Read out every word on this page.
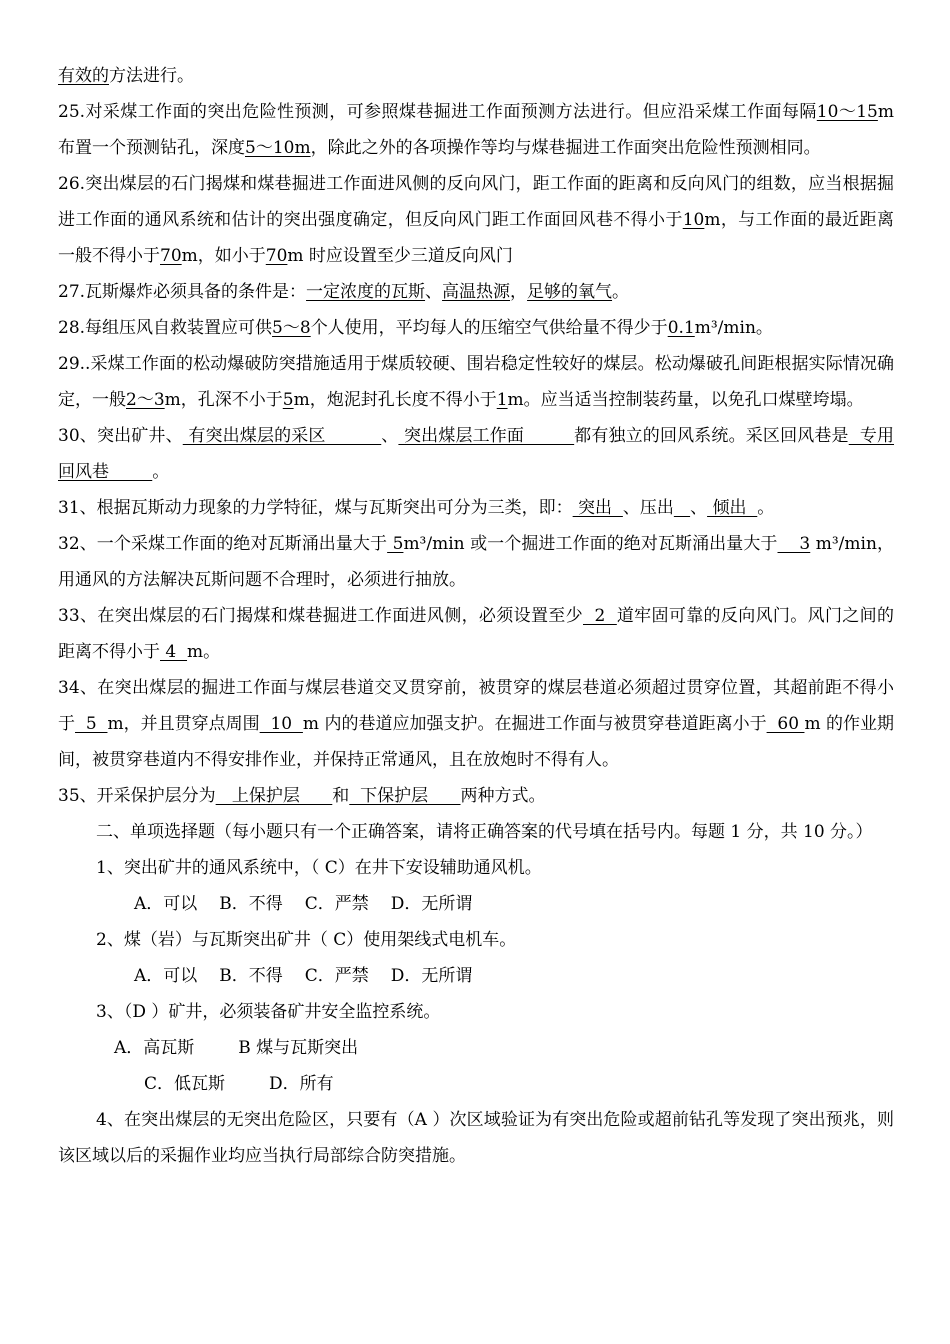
有效的方法进行。

25.对采煤工作面的突出危险性预测，可参照煤巷掘进工作面预测方法进行。但应沿采煤工作面每隔10～15m 布置一个预测钻孔，深度5～10m，除此之外的各项操作等均与煤巷掘进工作面突出危险性预测相同。

26.突出煤层的石门揭煤和煤巷掘进工作面进风侧的反向风门，距工作面的距离和反向风门的组数，应当根据掘进工作面的通风系统和估计的突出强度确定，但反向风门距工作面回风巷不得小于10m，与工作面的最近距离一般不得小于70m，如小于70m 时应设置至少三道反向风门

27.瓦斯爆炸必须具备的条件是：一定浓度的瓦斯、高温热源，足够的氧气。

28.每组压风自救装置应可供5～8个人使用，平均每人的压缩空气供给量不得少于0.1m³/min。

29..采煤工作面的松动爆破防突措施适用于煤质较硬、围岩稳定性较好的煤层。松动爆破孔间距根据实际情况确定，一般2～3m，孔深不小于5m，炮泥封孔长度不得小于1m。应当适当控制装药量，以免孔口煤壁垮塌。

30、突出矿井、 有突出煤层的采区          、 突出煤层工作面         都有独立的回风系统。采区回风巷是  专用回风巷        。

31、根据瓦斯动力现象的力学特征，煤与瓦斯突出可分为三类，即： 突出  、压出 、 倾出  。

32、一个采煤工作面的绝对瓦斯涌出量大于 5m³/min 或一个掘进工作面的绝对瓦斯涌出量大于    3 m³/min，用通风的方法解决瓦斯问题不合理时，必须进行抽放。

33、在突出煤层的石门揭煤和煤巷掘进工作面进风侧，必须设置至少  2  道牢固可靠的反向风门。风门之间的距离不得小于 4  m。

34、在突出煤层的掘进工作面与煤层巷道交叉贯穿前，被贯穿的煤层巷道必须超过贯穿位置，其超前距不得小于  5  m，并且贯穿点周围  10  m 内的巷道应加强支护。在掘进工作面与被贯穿巷道距离小于  60 m 的作业期间，被贯穿巷道内不得安排作业，并保持正常通风，且在放炮时不得有人。

35、开采保护层分为   上保护层      和  下保护层      两种方式。

二、单项选择题（每小题只有一个正确答案，请将正确答案的代号填在括号内。每题 1 分，共 10 分。）

1、突出矿井的通风系统中，（ C）在井下安设辅助通风机。

A．可以 B．不得 C．严禁 D．无所谓

2、煤（岩）与瓦斯突出矿井（ C）使用架线式电机车。

A．可以 B．不得 C．严禁 D．无所谓

3、（D ）矿井，必须装备矿井安全监控系统。

A．高瓦斯	B 煤与瓦斯突出

C．低瓦斯	D．所有

4、在突出煤层的无突出危险区，只要有（A ）次区域验证为有突出危险或超前钻孔等发现了突出预兆，则该区域以后的采掘作业均应当执行局部综合防突措施。
